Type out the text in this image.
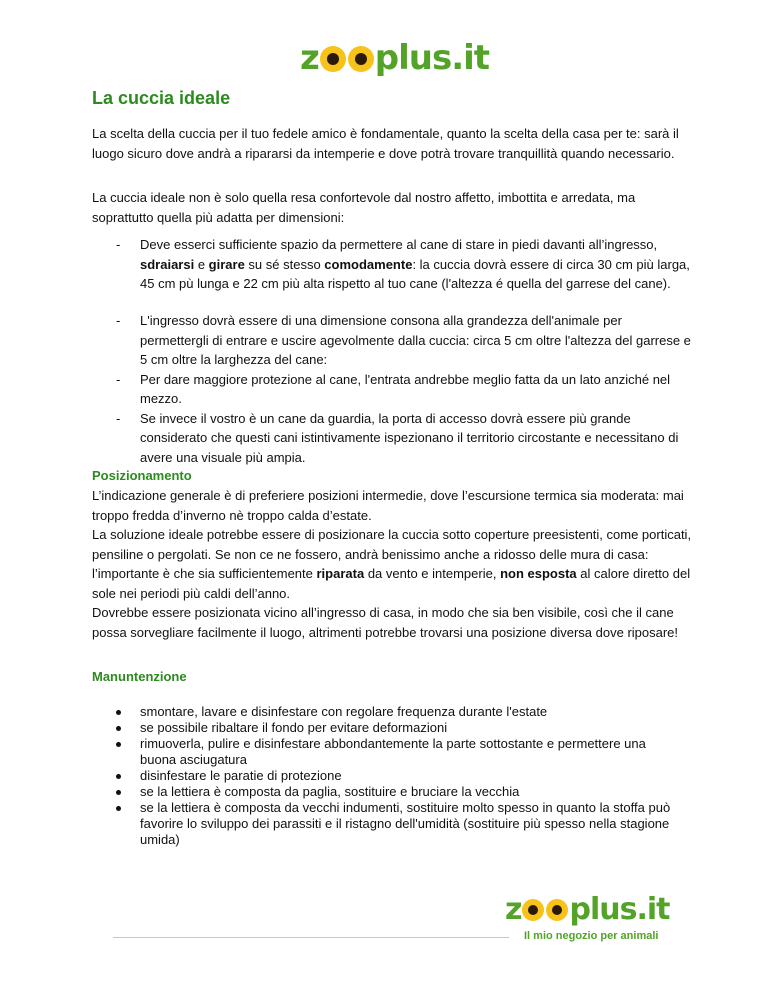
z plus .it
La cuccia ideale

La scelta della cuccia per il tuo fedele amico è fondamentale, quanto la scelta della casa per te: sarà il luogo sicuro dove andrà a ripararsi da intemperie e dove potrà trovare tranquillità quando necessario.

La cuccia ideale non è solo quella resa confortevole dal nostro affetto, imbottita e arredata, ma soprattutto quella più adatta per dimensioni:

- Deve esserci sufficiente spazio da permettere al cane di stare in piedi davanti all’ingresso, sdraiarsi e girare su sé stesso comodamente: la cuccia dovrà essere di circa 30 cm più larga, 45 cm pù lunga e 22 cm più alta rispetto al tuo cane (l'altezza é quella del garrese del cane).
- L'ingresso dovrà essere di una dimensione consona alla grandezza dell'animale per permettergli di entrare e uscire agevolmente dalla cuccia: circa 5 cm oltre l'altezza del garrese e 5 cm oltre la larghezza del cane:
- Per dare maggiore protezione al cane, l'entrata andrebbe meglio fatta da un lato anziché nel mezzo.
- Se invece il vostro è un cane da guardia, la porta di accesso dovrà essere più grande considerato che questi cani istintivamente ispezionano il territorio circostante e necessitano di avere una visuale più ampia.
Posizionamento

L’indicazione generale è di preferiere posizioni intermedie, dove l’escursione termica sia moderata: mai troppo fredda d’inverno nè troppo calda d’estate.

La soluzione ideale potrebbe essere di posizionare la cuccia sotto coperture preesistenti, come porticati, pensiline o pergolati. Se non ce ne fossero, andrà benissimo anche a ridosso delle mura di casa: l’importante è che sia sufficientemente riparata da vento e intemperie, non esposta al calore diretto del sole nei periodi più caldi dell’anno.

Dovrebbe essere posizionata vicino all’ingresso di casa, in modo che sia ben visibile, così che il cane possa sorvegliare facilmente il luogo, altrimenti potrebbe trovarsi una posizione diversa dove riposare!

Manuntenzione
smontare, lavare e disinfestare con regolare frequenza durante l'estate
se possibile ribaltare il fondo per evitare deformazioni
rimuoverla, pulire e disinfestare abbondantemente la parte sottostante e permettere una buona asciugatura
disinfestare le paratie di protezione
se la lettiera è composta da paglia, sostituire e bruciare la vecchia
se la lettiera è composta da vecchi indumenti, sostituire molto spesso in quanto la stoffa può favorire lo sviluppo dei parassiti e il ristagno dell'umidità (sostituire più spesso nella stagione umida)
z plus .it
Il mio negozio per animali
